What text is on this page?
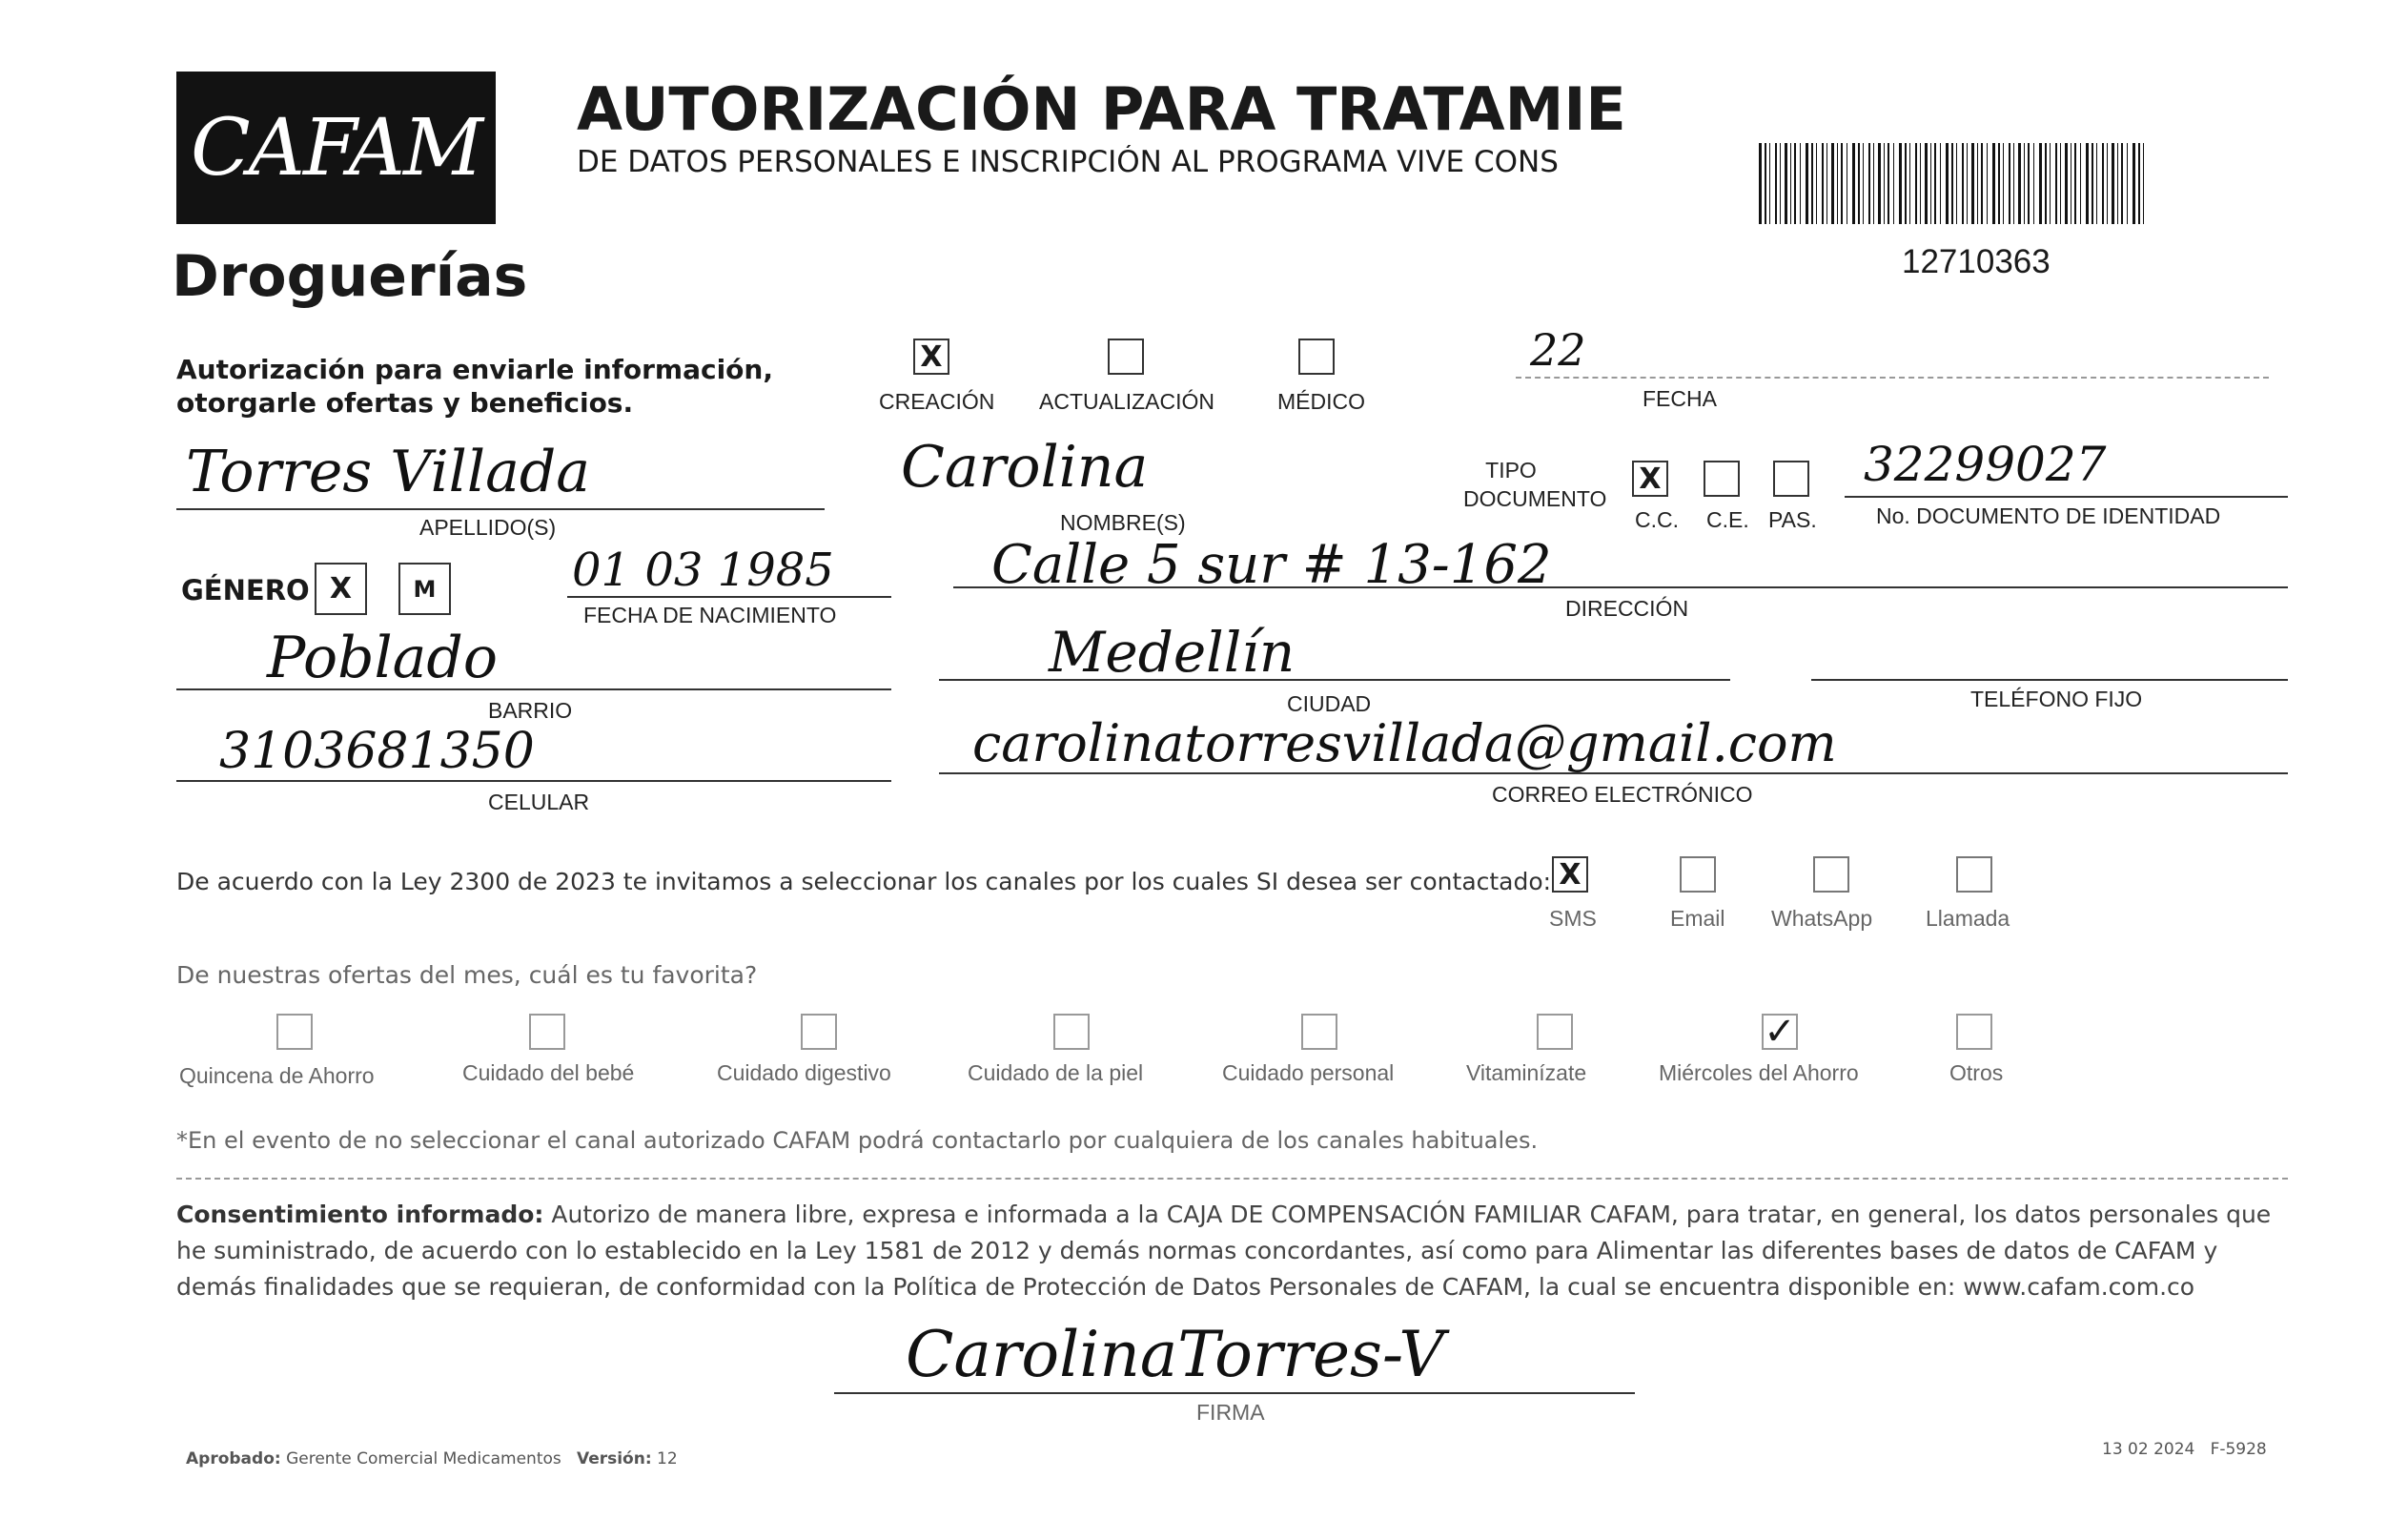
CAFAM
Droguerías
AUTORIZACIÓN PARA TRATAMIE
DE DATOS PERSONALES E INSCRIPCIÓN AL PROGRAMA VIVE CONS
12710363
Autorización para enviarle información,
otorgarle ofertas y beneficios.
X
CREACIÓN ACTUALIZACIÓN	MÉDICO
22
FECHA
Torres Villada
APELLIDO(S)
Carolina
NOMBRE(S)
TIPO DOCUMENTO
X
C.C. C.E. PAS.
32299027
No. DOCUMENTO DE IDENTIDAD
GÉNERO X	M	01 03 1985
FECHA DE NACIMIENTO
Calle 5 sur # 13-162
DIRECCIÓN
Poblado
BARRIO
Medellín
CIUDAD	TELÉFONO FIJO
3103681350
CELULAR
carolinatorresvillada@gmail.com
CORREO ELECTRÓNICO
De acuerdo con la Ley 2300 de 2023 te invitamos a seleccionar los canales por los cuales SI desea ser contactado: X
SMS	Email WhatsApp Llamada
De nuestras ofertas del mes, cuál es tu favorita?
Quincena de Ahorro	Cuidado del bebé	Cuidado digestivo	Cuidado de la piel	Cuidado personal	Vitaminízate
✓
Miércoles del Ahorro	Otros
*En el evento de no seleccionar el canal autorizado CAFAM podrá contactarlo por cualquiera de los canales habituales.
Consentimiento informado: Autorizo de manera libre, expresa e informada a la CAJA DE COMPENSACIÓN FAMILIAR CAFAM, para tratar, en general, los datos personales que he suministrado, de acuerdo con lo establecido en la Ley 1581 de 2012 y demás normas concordantes, así como para Alimentar las diferentes bases de datos de CAFAM y demás finalidades que se requieran, de conformidad con la Política de Protección de Datos Personales de CAFAM, la cual se encuentra disponible en: www.cafam.com.co
CarolinaTorres-V
FIRMA
Aprobado: Gerente Comercial Medicamentos Versión: 12	13 02 2024 F-5928
